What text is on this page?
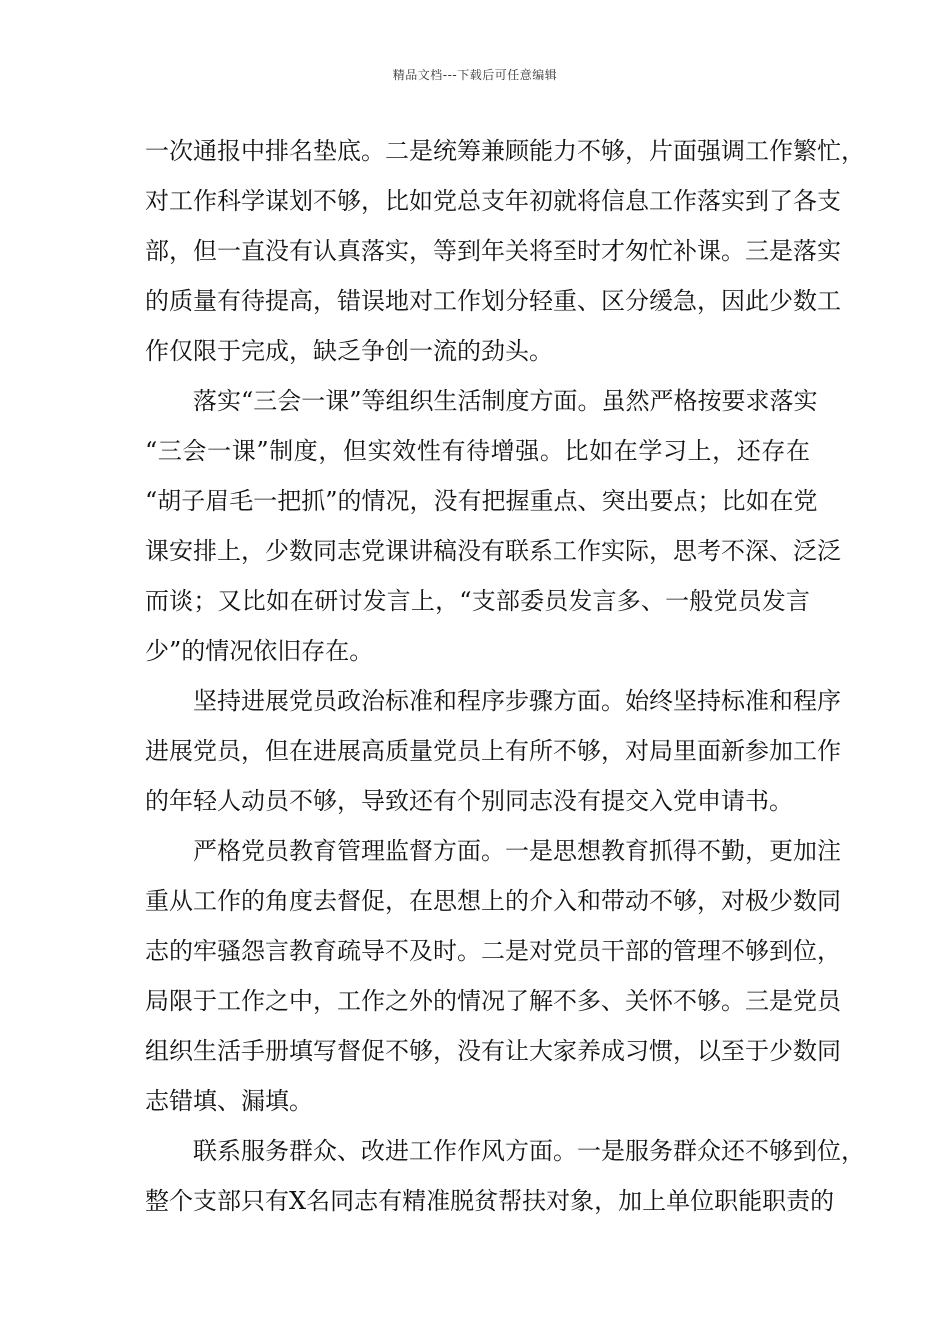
精品文档---下载后可任意编辑
一次通报中排名垫底。二是统筹兼顾能力不够，片面强调工作繁忙，
对工作科学谋划不够，比如党总支年初就将信息工作落实到了各支
部，但一直没有认真落实，等到年关将至时才匆忙补课。三是落实
的质量有待提高，错误地对工作划分轻重、区分缓急，因此少数工
作仅限于完成，缺乏争创一流的劲头。
落实“三会一课”等组织生活制度方面。虽然严格按要求落实
“三会一课”制度，但实效性有待增强。比如在学习上，还存在
“胡子眉毛一把抓”的情况，没有把握重点、突出要点；比如在党
课安排上，少数同志党课讲稿没有联系工作实际，思考不深、泛泛
而谈；又比如在研讨发言上，“支部委员发言多、一般党员发言
少”的情况依旧存在。
坚持进展党员政治标准和程序步骤方面。始终坚持标准和程序
进展党员，但在进展高质量党员上有所不够，对局里面新参加工作
的年轻人动员不够，导致还有个别同志没有提交入党申请书。
严格党员教育管理监督方面。一是思想教育抓得不勤，更加注
重从工作的角度去督促，在思想上的介入和带动不够，对极少数同
志的牢骚怨言教育疏导不及时。二是对党员干部的管理不够到位，
局限于工作之中，工作之外的情况了解不多、关怀不够。三是党员
组织生活手册填写督促不够，没有让大家养成习惯，以至于少数同
志错填、漏填。
联系服务群众、改进工作作风方面。一是服务群众还不够到位，
整个支部只有X名同志有精准脱贫帮扶对象，加上单位职能职责的
